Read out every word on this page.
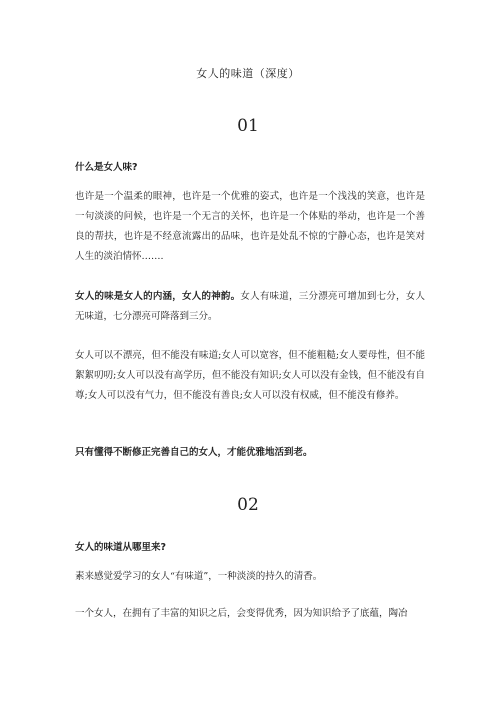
女人的味道（深度）
01
什么是女人味?
也许是一个温柔的眼神，也许是一个优雅的姿式，也许是一个浅浅的笑意，也许是一句淡淡的问候，也许是一个无言的关怀，也许是一个体贴的举动，也许是一个善良的帮扶，也许是不经意流露出的品味，也许是处乱不惊的宁静心态，也许是笑对人生的淡泊情怀…….
女人的味是女人的内涵，女人的神韵。女人有味道，三分漂亮可增加到七分，女人无味道，七分漂亮可降落到三分。
女人可以不漂亮，但不能没有味道;女人可以宽容，但不能粗糙;女人要母性，但不能絮絮叨叨;女人可以没有高学历，但不能没有知识;女人可以没有金钱，但不能没有自尊;女人可以没有气力，但不能没有善良;女人可以没有权威，但不能没有修养。
只有懂得不断修正完善自己的女人，才能优雅地活到老。
02
女人的味道从哪里来?
素来感觉爱学习的女人“有味道”，一种淡淡的持久的清香。
一个女人，在拥有了丰富的知识之后，会变得优秀，因为知识给予了底蕴，陶冶
